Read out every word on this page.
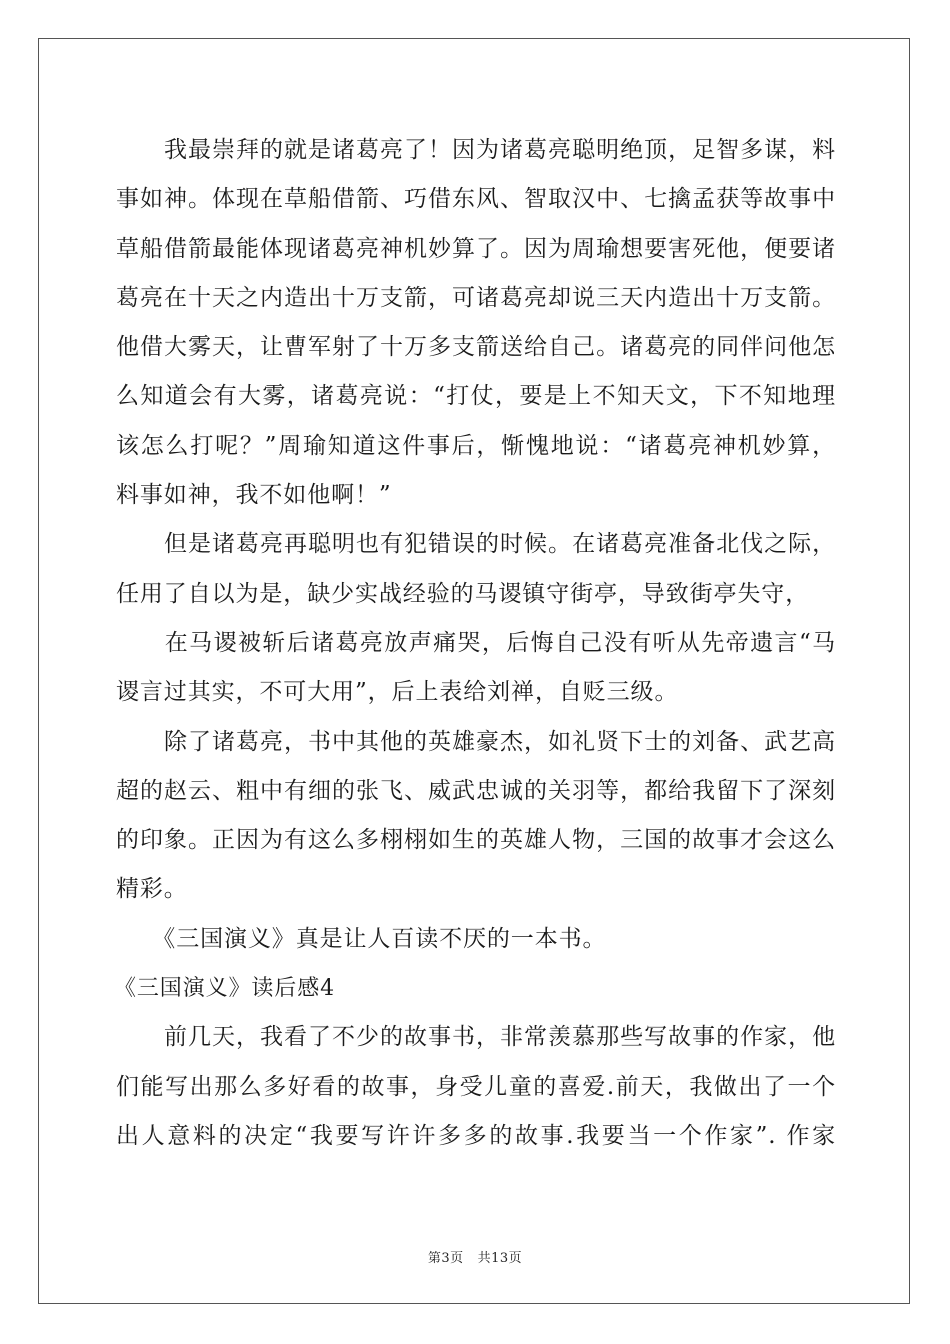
　　我最崇拜的就是诸葛亮了！因为诸葛亮聪明绝顶，足智多谋，料
事如神。体现在草船借箭、巧借东风、智取汉中、七擒孟获等故事中
草船借箭最能体现诸葛亮神机妙算了。因为周瑜想要害死他，便要诸
葛亮在十天之内造出十万支箭，可诸葛亮却说三天内造出十万支箭。
他借大雾天，让曹军射了十万多支箭送给自己。诸葛亮的同伴问他怎
么知道会有大雾，诸葛亮说：“打仗，要是上不知天文，下不知地理
该怎么打呢？”周瑜知道这件事后，惭愧地说：“诸葛亮神机妙算，
料事如神，我不如他啊！”
　　但是诸葛亮再聪明也有犯错误的时候。在诸葛亮准备北伐之际，
任用了自以为是，缺少实战经验的马谡镇守街亭，导致街亭失守，
　　在马谡被斩后诸葛亮放声痛哭，后悔自己没有听从先帝遗言“马
谡言过其实，不可大用”，后上表给刘禅，自贬三级。
　　除了诸葛亮，书中其他的英雄豪杰，如礼贤下士的刘备、武艺高
超的赵云、粗中有细的张飞、威武忠诚的关羽等，都给我留下了深刻
的印象。正因为有这么多栩栩如生的英雄人物，三国的故事才会这么
精彩。
　　《三国演义》真是让人百读不厌的一本书。
《三国演义》读后感4
　　前几天，我看了不少的故事书，非常羡慕那些写故事的作家，他
们能写出那么多好看的故事，身受儿童的喜爱.前天，我做出了一个
出人意料的决定“我要写许许多多的故事.我要当一个作家”. 作家
第3页 共13页
